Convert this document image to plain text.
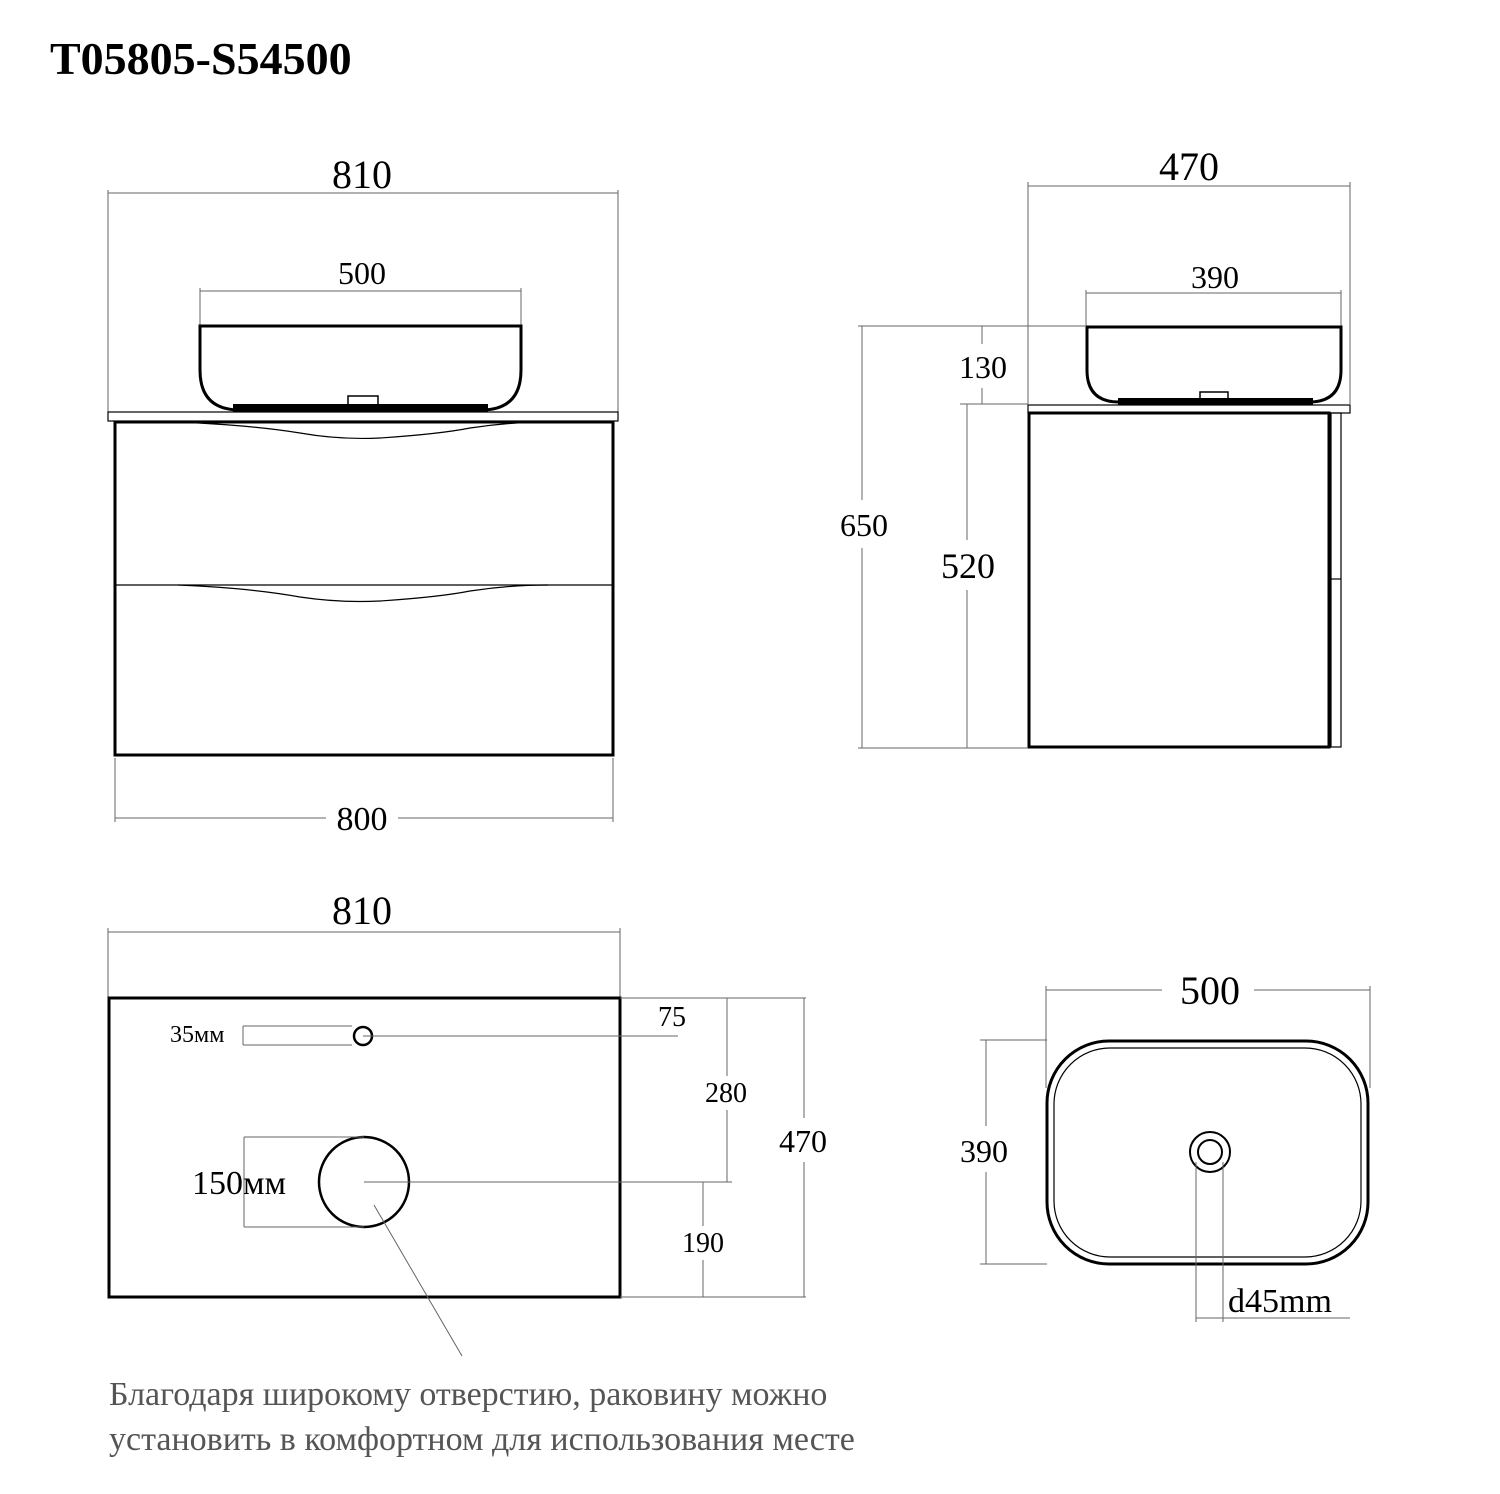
T05805-S54500
810
500
800
470
390
650
130
520
810
35мм
75
150мм
280
190
470
500
390
d45mm
Благодаря широкому отверстию, раковину можно
установить в комфортном для использования месте
